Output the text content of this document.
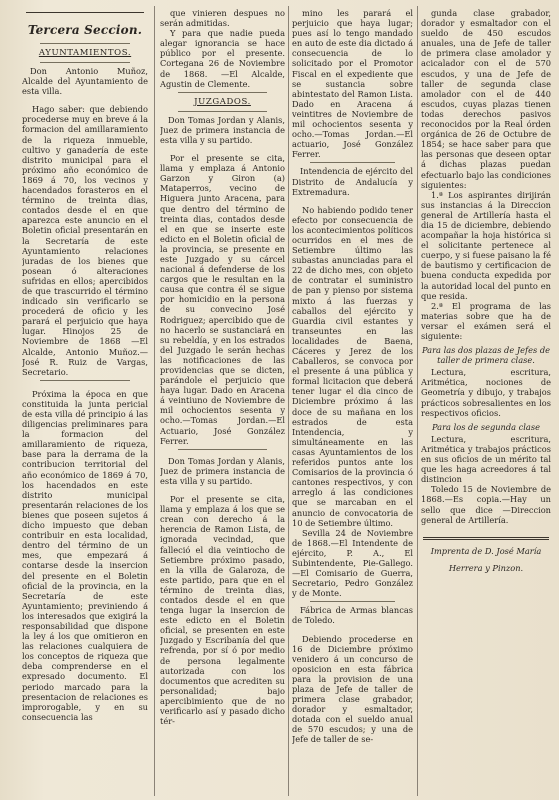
Tercera Seccion.
AYUNTAMIENTOS.

Don Antonio Muñoz, Alcalde del Ayuntamiento de esta villa.

Hago saber: que debiendo procederse muy en breve á la formacion del amillaramiento de la riqueza inmueble, cultivo y ganadería de este distrito municipal para el próximo año económico de 1869 á 70, los vecinos y hacendados forasteros en el término de treinta dias, contados desde el en que aparezca este anuncio en el Boletin oficial presentarán en la Secretaría de este Ayuntamiento relaciones juradas de los bienes que posean ó alteraciones sufridas en ellos; apercibidos de que trascurrido el término indicado sin verificarlo se procederá de oficio y les parará el perjuicio que haya lugar. Hinojos 25 de Noviembre de 1868 —El Alcalde, Antonio Muñoz.—José R. Ruiz de Vargas, Secretario.

Próxima la época en que constituida la junta pericial de esta villa dé principio á las diligencias preliminares para la formacion del amillaramiento de riqueza, base para la derrama de la contribucion territorial del año económico de 1869 á 70, los hacendados en este distrito municipal presentarán relaciones de los bienes que poseen sujetos á dicho impuesto que deban contribuir en esta localidad, dentro del término de un mes, que empezará á contarse desde la insercion del presente en el Boletin oficial de la provincia, en la Secretaría de este Ayuntamiento; previniendo á los interesados que exigirá la responsabilidad que dispone la ley á los que omitieron en las relaciones cualquiera de los conceptos de riqueza que deba comprenderse en el expresado documento. El periodo marcado para la presentacion de relaciones es improrogable, y en su consecuencia las

que vinieren despues no serán admitidas.

Y para que nadie pueda alegar ignorancia se hace público por el presente. Cortegana 26 de Noviembre de 1868. —El Alcalde, Agustin de Clemente.

JUZGADOS.

Don Tomas Jordan y Alanis, Juez de primera instancia de esta villa y su partido.

Por el presente se cita, llama y emplaza á Antonio Garzon y Giron (a) Mataperros, vecino de Higuera junto Aracena, para que dentro del término de treinta dias, contados desde el en que se inserte este edicto en el Boletin oficial de la provincia, se presente en este Juzgado y su cárcel nacional á defenderse de los cargos que le resultan en la causa que contra él se sigue por homicidio en la persona de su convecino José Rodriguez; apercibido que de no hacerlo se sustanciará en su rebeldía, y en los estrados del Juzgado le serán hechas las notificaciones de las providencias que se dicten, parándole el perjuicio que haya lugar. Dado en Aracena á veintiuno de Noviembre de mil ochocientos sesenta y ocho.—Tomas Jordan.—El Actuario, José González Ferrer.

Don Tomas Jordan y Alanis, Juez de primera instancia de esta villa y su partido.

Por el presente se cita, llama y emplaza á los que se crean con derecho á la herencia de Ramon Lista, de ignorada vecindad, que falleció el dia veintiocho de Setiembre próximo pasado, en la villa de Galaroza, de este partido, para que en el término de treinta dias, contados desde el en que tenga lugar la insercion de este edicto en el Boletin oficial, se presenten en este Juzgado y Escribanía del que refrenda, por sí ó por medio de persona legalmente autorizada con los documentos que acrediten su personalidad; bajo apercibimiento que de no verificarlo así y pasado dicho tér-

mino les parará el perjuicio que haya lugar; pues así lo tengo mandado en auto de este dia dictado á consecuencia de lo solicitado por el Promotor Fiscal en el expediente que se sustancia sobre abintestato del Ramon Lista. Dado en Aracena á veintitres de Noviembre de mil ochocientos sesenta y ocho.—Tomas Jordan.—El actuario, José González Ferrer.

Intendencia de ejército del Distrito de Andalucía y Extremadura.

No habiendo podido tener efecto por consecuencia de los acontecimientos políticos ocurridos en el mes de Setiembre último las subastas anunciadas para el 22 de dicho mes, con objeto de contratar el suministro de pan y pienso por sistema mixto á las fuerzas y caballos del ejército y Guardia civil estantes y transeuntes en las localidades de Baena, Cáceres y Jerez de los Caballeros, se convoca por el presente á una pública y formal licitacion que deberá tener lugar el dia cinco de Diciembre próximo á las doce de su mañana en los estrados de esta Intendencia, y simultáneamente en las casas Ayuntamientos de los referidos puntos ante los Comisarios de la provincia ó cantones respectivos, y con arreglo á las condiciones que se marcaban en el anuncio de convocatoria de 10 de Setiembre último.

Sevilla 24 de Noviembre de 1868.—El Intendente de ejército, P. A., El Subintendente, Pie-Gallego. —El Comisario de Guerra, Secretario, Pedro González y de Monte.

Fábrica de Armas blancas de Toledo.

Debiendo procederse en 16 de Diciembre próximo venidero á un concurso de oposicion en esta fábrica para la provision de una plaza de Jefe de taller de primera clase grabador, dorador y esmaltador, dotada con el sueldo anual de 570 escudos; y una de Jefe de taller de se-

gunda clase grabador, dorador y esmaltador con el sueldo de 450 escudos anuales, una de Jefe de taller de primera clase amolador y acicalador con el de 570 escudos, y una de Jefe de taller de segunda clase amolador con el de 440 escudos, cuyas plazas tienen todas derechos pasivos reconocidos por la Real órden orgánica de 26 de Octubre de 1854; se hace saber para que las personas que deseen optar á dichas plazas puedan efectuarlo bajo las condiciones siguientes:

1.ª Los aspirantes dirijirán sus instancias á la Direccion general de Artillería hasta el dia 15 de diciembre, debiendo acompañar la hoja histórica si el solicitante pertenece al cuerpo, y si fuese paisano la fé de bautismo y certificacion de buena conducta expedida por la autoridad local del punto en que resida.

2.ª El programa de las materias sobre que ha de versar el exámen será el siguiente:

Para las dos plazas de Jefes de taller de primera clase.

Lectura, escritura, Aritmética, nociones de Geometría y dibujo, y trabajos prácticos sobresalientes en los respectivos oficios.

Para los de segunda clase

Lectura, escritura, Aritmética y trabajos prácticos en sus oficios de un mérito tal que les haga acreedores á tal distincion

Toledo 15 de Noviembre de 1868.—Es copia.—Hay un sello que dice —Direccion general de Artillería.

Imprenta de D. José María

Herrera y Pinzon.
